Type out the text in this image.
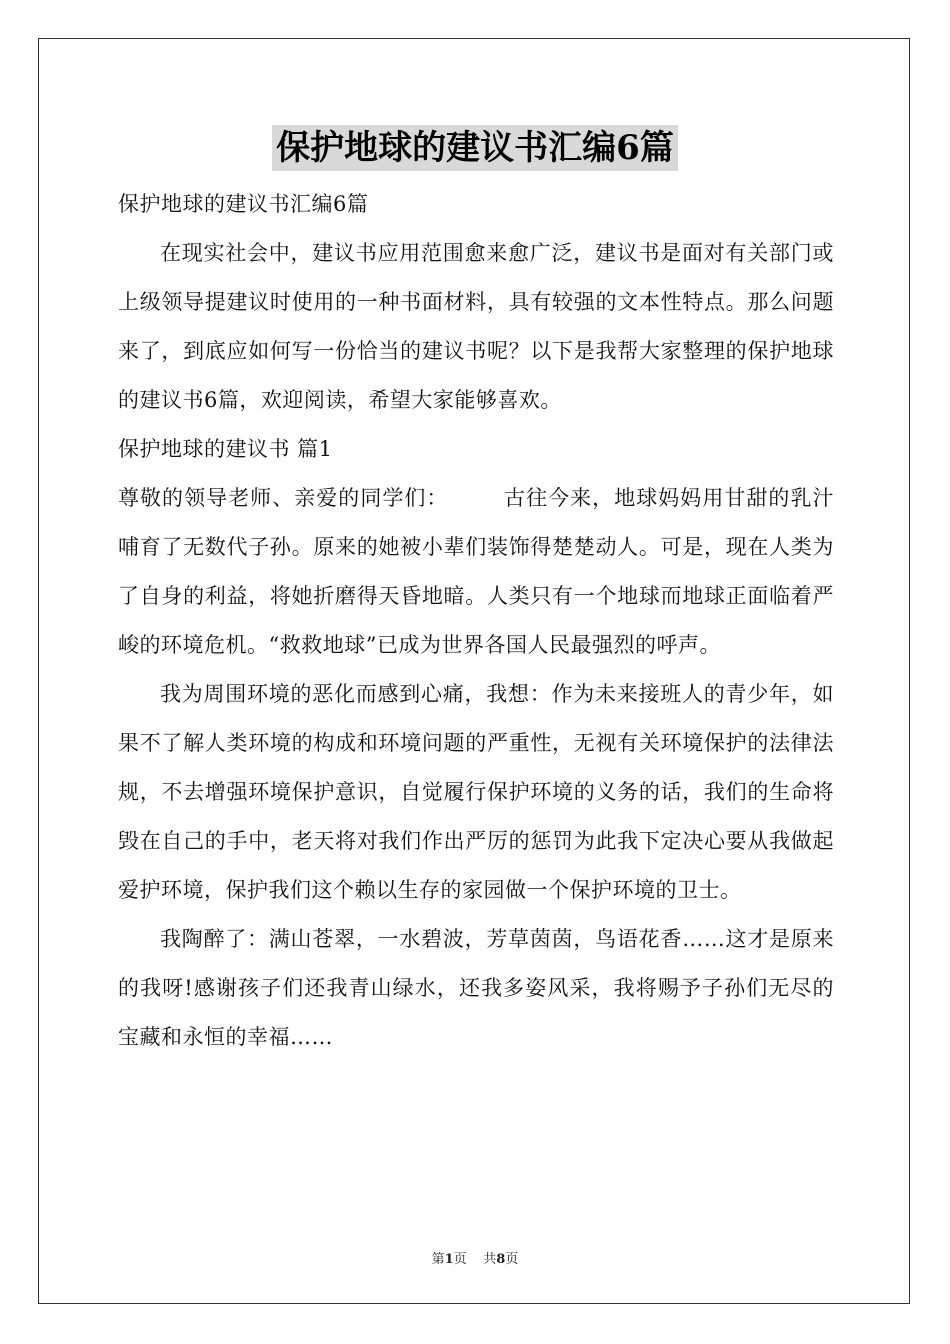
保护地球的建议书汇编6篇

保护地球的建议书汇编6篇

在现实社会中，建议书应用范围愈来愈广泛，建议书是面对有关部门或上级领导提建议时使用的一种书面材料，具有较强的文本性特点。那么问题来了，到底应如何写一份恰当的建议书呢？以下是我帮大家整理的保护地球的建议书6篇，欢迎阅读，希望大家能够喜欢。

保护地球的建议书 篇1

尊敬的领导老师、亲爱的同学们：　　　古往今来，地球妈妈用甘甜的乳汁哺育了无数代子孙。原来的她被小辈们装饰得楚楚动人。可是，现在人类为了自身的利益，将她折磨得天昏地暗。人类只有一个地球而地球正面临着严峻的环境危机。“救救地球”已成为世界各国人民最强烈的呼声。

我为周围环境的恶化而感到心痛，我想：作为未来接班人的青少年，如果不了解人类环境的构成和环境问题的严重性，无视有关环境保护的法律法规，不去增强环境保护意识，自觉履行保护环境的义务的话，我们的生命将毁在自己的手中，老天将对我们作出严厉的惩罚为此我下定决心要从我做起爱护环境，保护我们这个赖以生存的家园做一个保护环境的卫士。

我陶醉了：满山苍翠，一水碧波，芳草茵茵，鸟语花香……这才是原来的我呀!感谢孩子们还我青山绿水，还我多姿风采，我将赐予子孙们无尽的宝藏和永恒的幸福……

第1页 共8页
